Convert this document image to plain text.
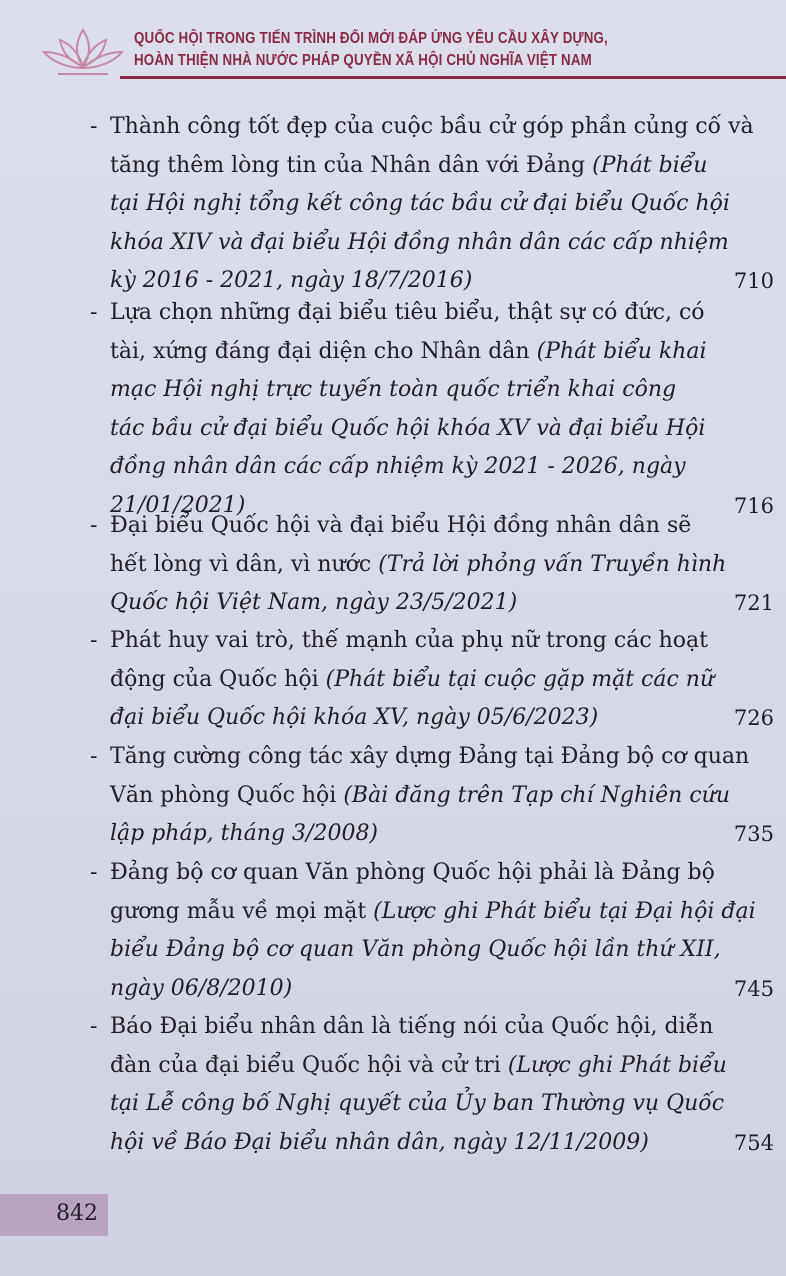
QUỐC HỘI TRONG TIẾN TRÌNH ĐỔI MỚI ĐÁP ỨNG YÊU CẦU XÂY DỰNG,
HOÀN THIỆN NHÀ NƯỚC PHÁP QUYỀN XÃ HỘI CHỦ NGHĨA VIỆT NAM
- Thành công tốt đẹp của cuộc bầu cử góp phần củng cố và
tăng thêm lòng tin của Nhân dân với Đảng (Phát biểu
tại Hội nghị tổng kết công tác bầu cử đại biểu Quốc hội
khóa XIV và đại biểu Hội đồng nhân dân các cấp nhiệm
kỳ 2016 - 2021, ngày 18/7/2016)	710
- Lựa chọn những đại biểu tiêu biểu, thật sự có đức, có
tài, xứng đáng đại diện cho Nhân dân (Phát biểu khai
mạc Hội nghị trực tuyến toàn quốc triển khai công
tác bầu cử đại biểu Quốc hội khóa XV và đại biểu Hội
đồng nhân dân các cấp nhiệm kỳ 2021 - 2026, ngày
21/01/2021)	716
- Đại biểu Quốc hội và đại biểu Hội đồng nhân dân sẽ
hết lòng vì dân, vì nước (Trả lời phỏng vấn Truyền hình
Quốc hội Việt Nam, ngày 23/5/2021)	721
- Phát huy vai trò, thế mạnh của phụ nữ trong các hoạt
động của Quốc hội (Phát biểu tại cuộc gặp mặt các nữ
đại biểu Quốc hội khóa XV, ngày 05/6/2023)	726
- Tăng cường công tác xây dựng Đảng tại Đảng bộ cơ quan
Văn phòng Quốc hội (Bài đăng trên Tạp chí Nghiên cứu
lập pháp, tháng 3/2008)	735
- Đảng bộ cơ quan Văn phòng Quốc hội phải là Đảng bộ
gương mẫu về mọi mặt (Lược ghi Phát biểu tại Đại hội đại
biểu Đảng bộ cơ quan Văn phòng Quốc hội lần thứ XII,
ngày 06/8/2010)	745
- Báo Đại biểu nhân dân là tiếng nói của Quốc hội, diễn
đàn của đại biểu Quốc hội và cử tri (Lược ghi Phát biểu
tại Lễ công bố Nghị quyết của Ủy ban Thường vụ Quốc
hội về Báo Đại biểu nhân dân, ngày 12/11/2009)	754
842
